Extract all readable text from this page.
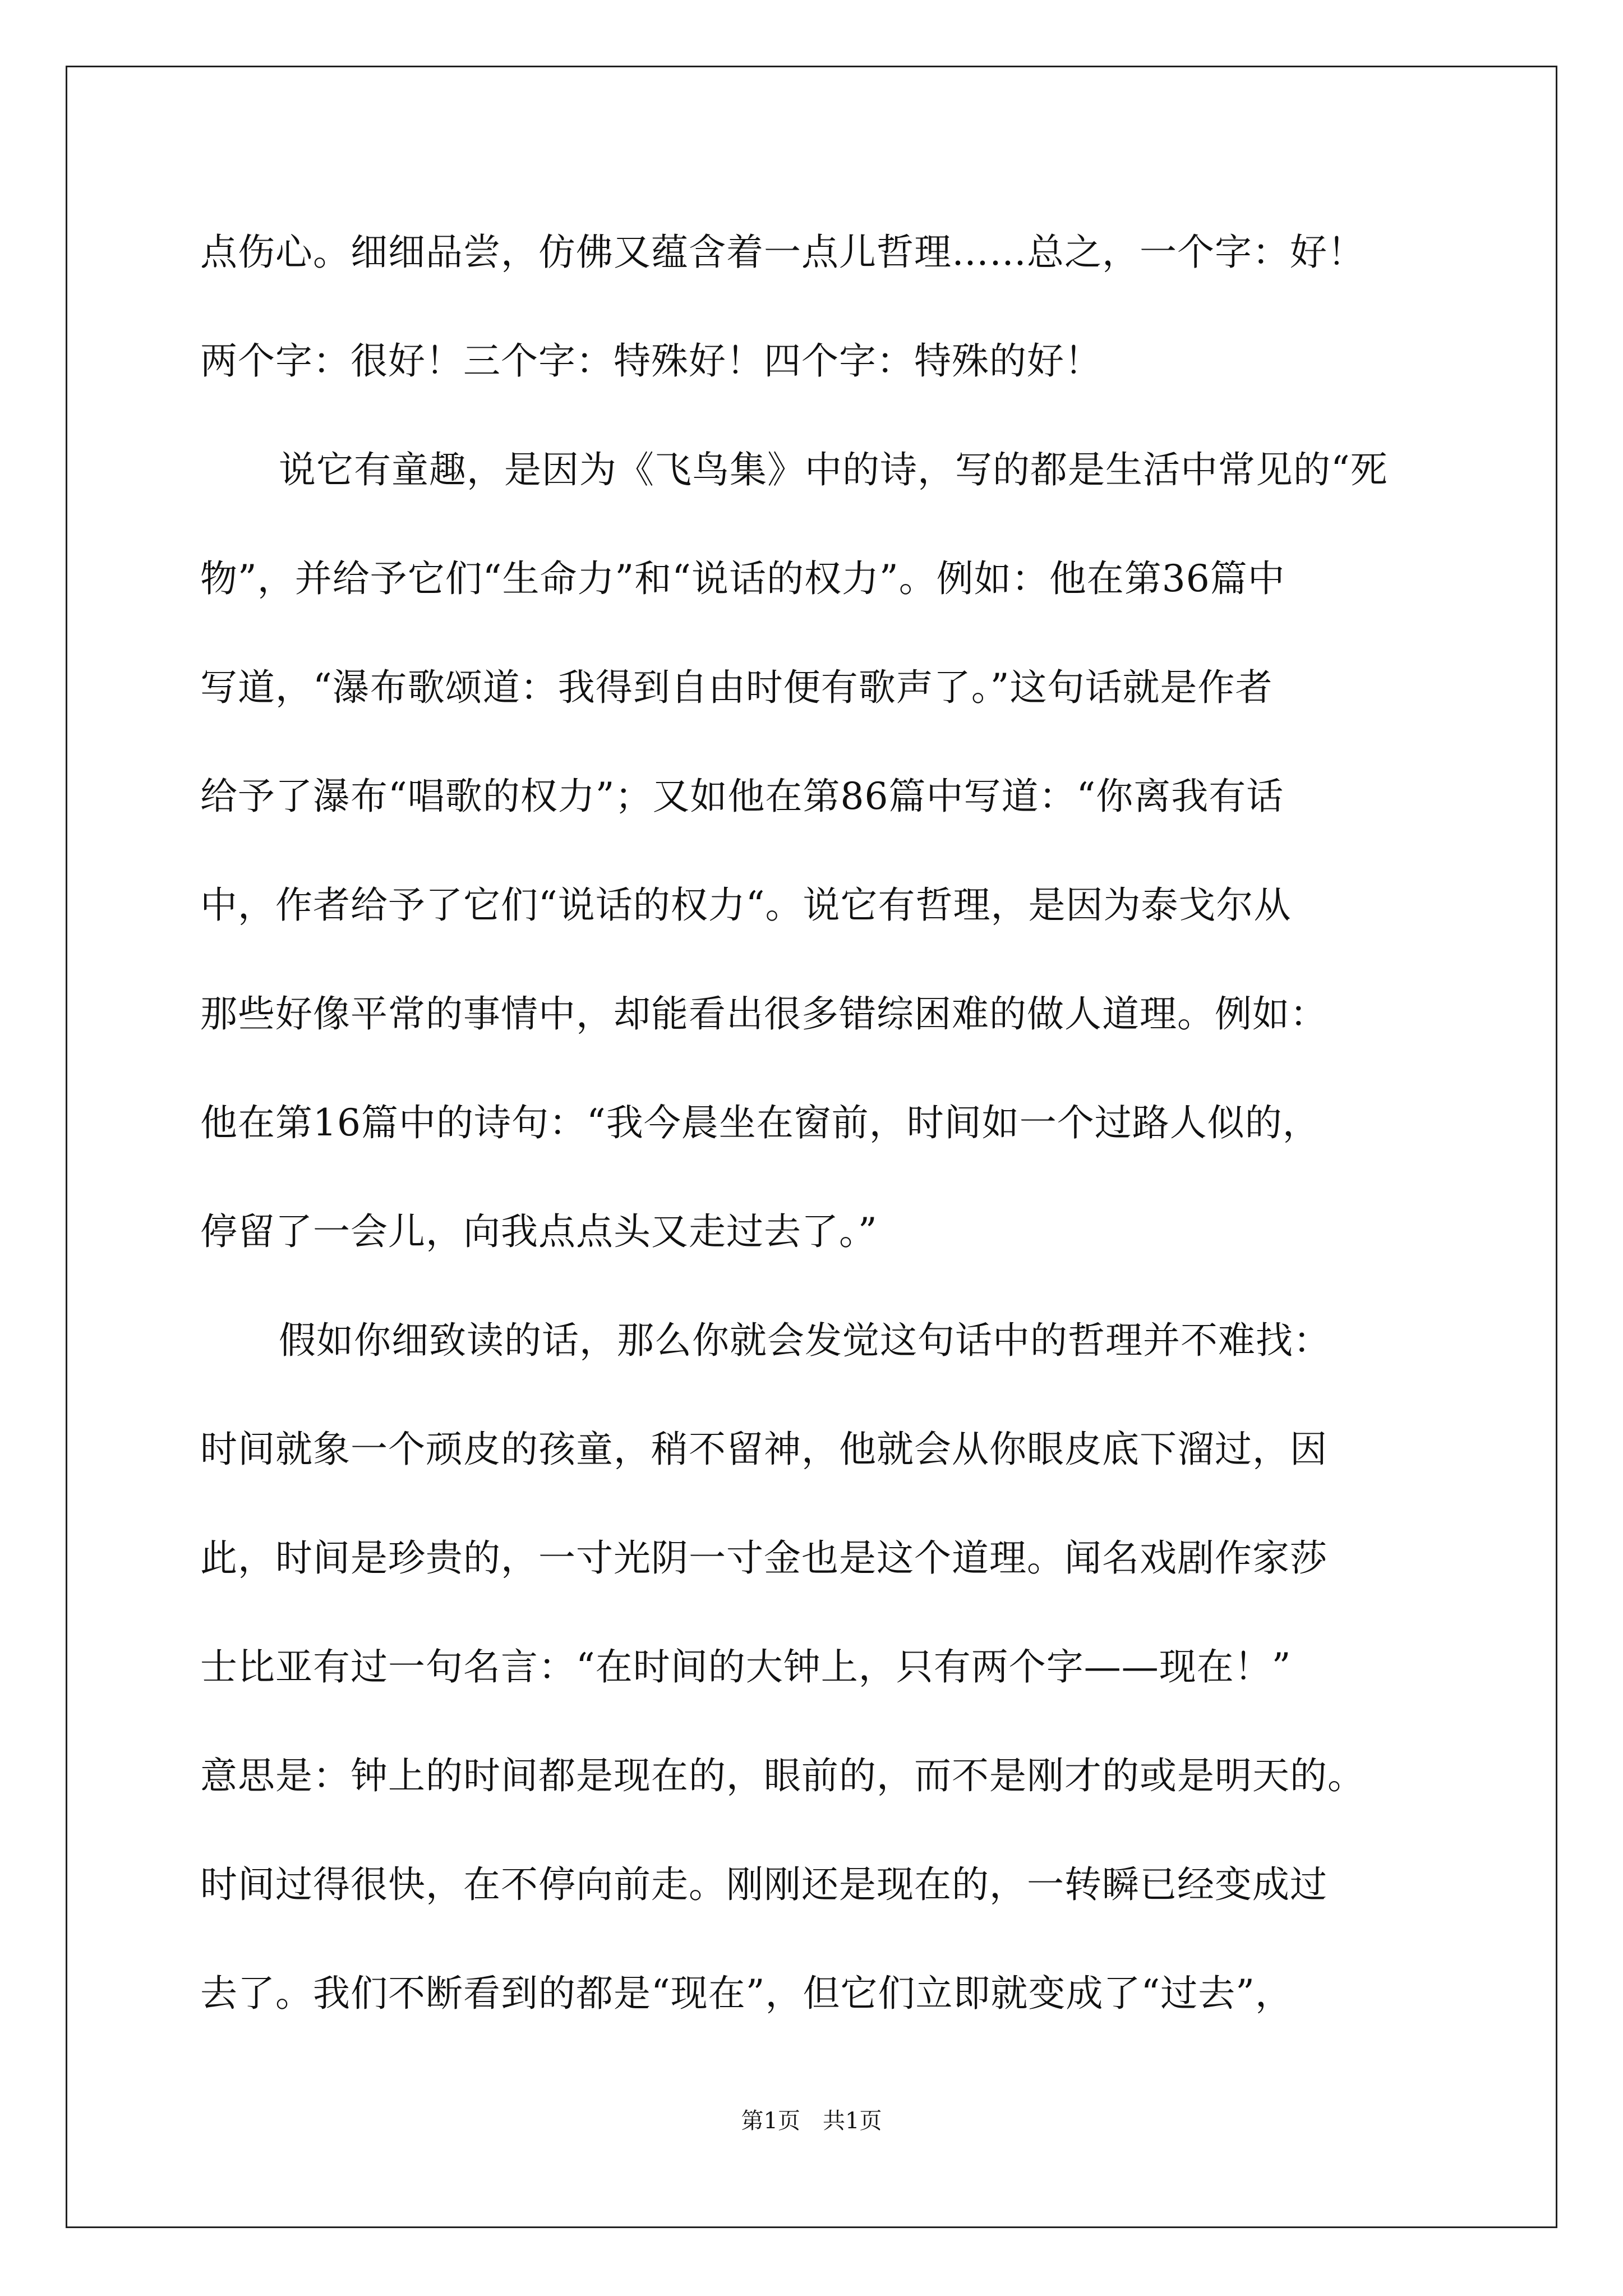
点伤心。细细品尝，仿佛又蕴含着一点儿哲理……总之，一个字：好！
两个字：很好！三个字：特殊好！四个字：特殊的好！
说它有童趣，是因为《飞鸟集》中的诗，写的都是生活中常见的“死
物”，并给予它们“生命力”和“说话的权力”。例如：他在第36篇中
写道，“瀑布歌颂道：我得到自由时便有歌声了。”这句话就是作者
给予了瀑布“唱歌的权力”；又如他在第86篇中写道：“你离我有话
中，作者给予了它们“说话的权力“。说它有哲理，是因为泰戈尔从
那些好像平常的事情中，却能看出很多错综困难的做人道理。例如：
他在第16篇中的诗句：“我今晨坐在窗前，时间如一个过路人似的，
停留了一会儿，向我点点头又走过去了。”
假如你细致读的话，那么你就会发觉这句话中的哲理并不难找：
时间就象一个顽皮的孩童，稍不留神，他就会从你眼皮底下溜过，因
此，时间是珍贵的，一寸光阴一寸金也是这个道理。闻名戏剧作家莎
士比亚有过一句名言：“在时间的大钟上，只有两个字——现在！”
意思是：钟上的时间都是现在的，眼前的，而不是刚才的或是明天的。
时间过得很快，在不停向前走。刚刚还是现在的，一转瞬已经变成过
去了。我们不断看到的都是“现在”，但它们立即就变成了“过去”，
第1页　共1页
